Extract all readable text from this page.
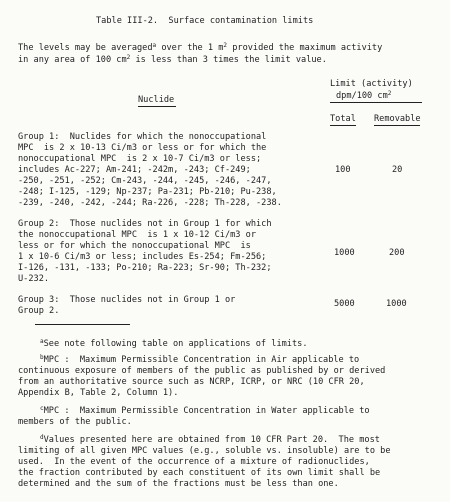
Table III-2.  Surface contamination limits
The levels may be averaged$^a$ over the 1 $m^2$ provided the maximum activity
in any area of 100 $cm^2$ is less than 3 times the limit value.
Nuclide
Limit (activity)
dpm/100 $cm^2$
Total Removable
Group 1:  Nuclides for which the nonoccupational
MPC  is 2 x 10-13 Ci/m3 or less or for which the
nonoccupational MPC  is 2 x 10-7 Ci/m3 or less;
includes Ac-227; Am-241; -242m, -243; Cf-249;
-250, -251, -252; Cm-243, -244, -245, -246, -247,
-248; I-125, -129; Np-237; Pa-231; Pb-210; Pu-238,
-239, -240, -242, -244; Ra-226, -228; Th-228, -238.
100	20
Group 2:  Those nuclides not in Group 1 for which
the nonoccupational MPC  is 1 x 10-12 Ci/m3 or
less or for which the nonoccupational MPC  is
1 x 10-6 Ci/m3 or less; includes Es-254; Fm-256;
I-126, -131, -133; Po-210; Ra-223; Sr-90; Th-232;
U-232.
1000	200
Group 3:  Those nuclides not in Group 1 or
Group 2.
5000	1000
$^a$See note following table on applications of limits.
$^b$MPC :  Maximum Permissible Concentration in Air applicable to
continuous exposure of members of the public as published by or derived
from an authoritative source such as NCRP, ICRP, or NRC (10 CFR 20,
Appendix B, Table 2, Column 1).
$^c$MPC :  Maximum Permissible Concentration in Water applicable to
members of the public.
$^d$Values presented here are obtained from 10 CFR Part 20.  The most
limiting of all given MPC values (e.g., soluble vs. insoluble) are to be
used.  In the event of the occurrence of a mixture of radionuclides,
the fraction contributed by each constituent of its own limit shall be
determined and the sum of the fractions must be less than one.
